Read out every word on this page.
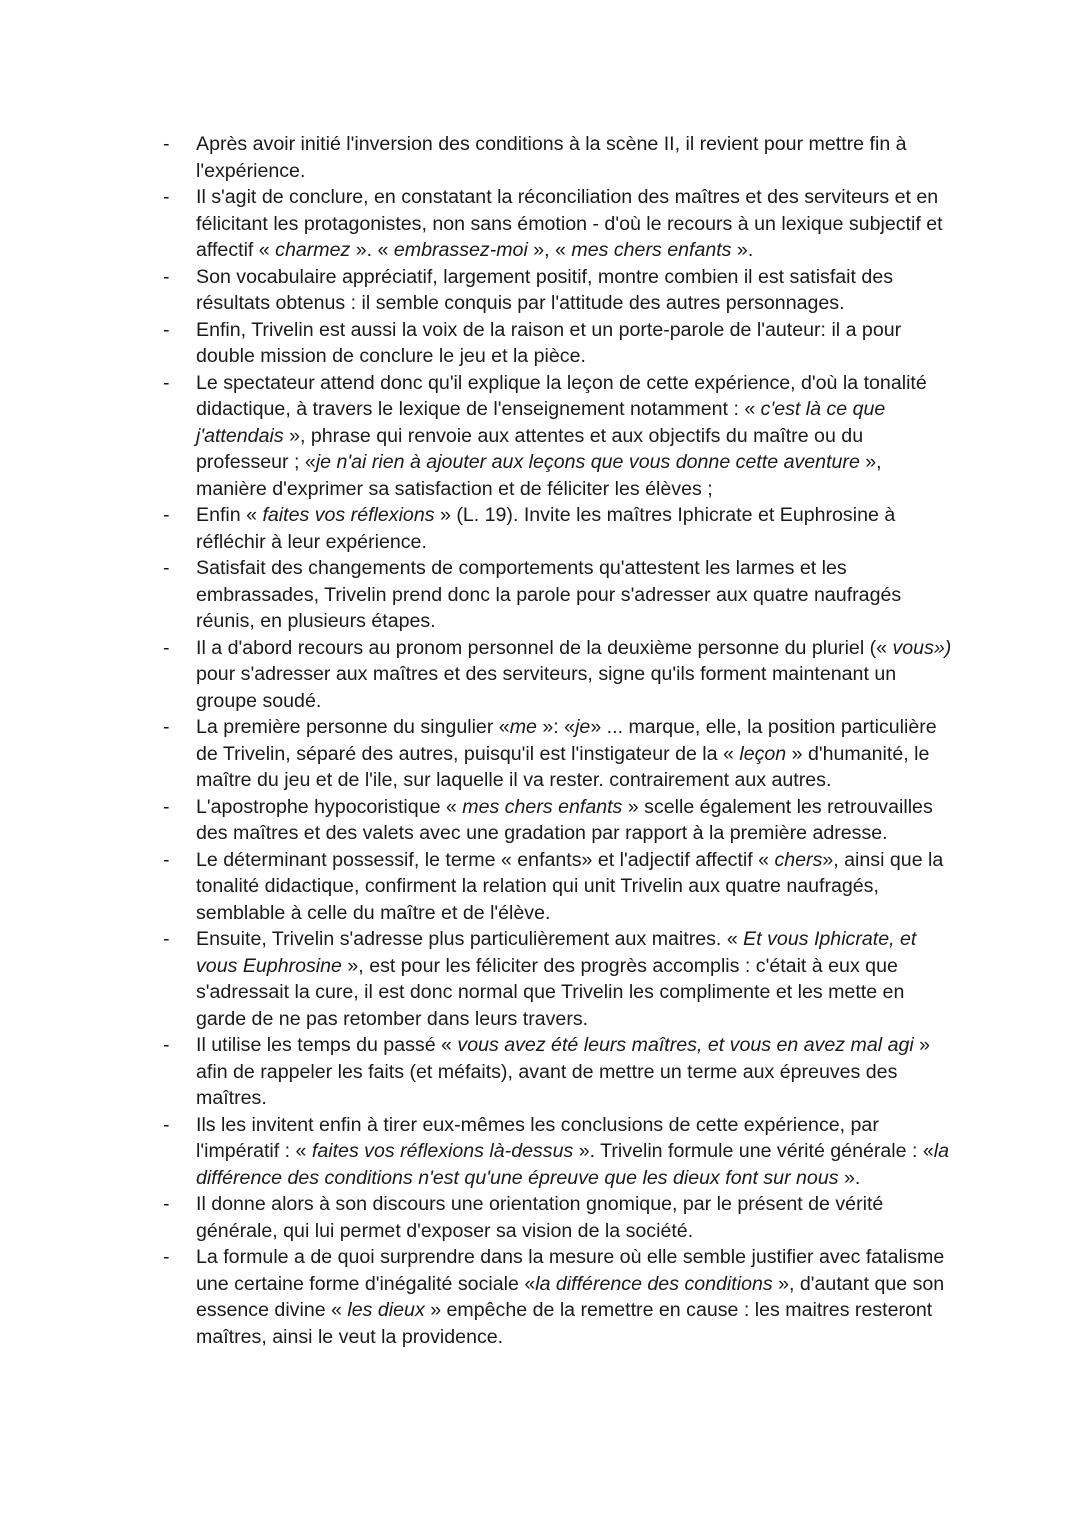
-	Après avoir initié l'inversion des conditions à la scène II, il revient pour mettre fin à l'expérience.
-	Il s'agit de conclure, en constatant la réconciliation des maîtres et des serviteurs et en félicitant les protagonistes, non sans émotion - d'où le recours à un lexique subjectif et affectif « charmez ». « embrassez-moi », « mes chers enfants ».
-	Son vocabulaire appréciatif, largement positif, montre combien il est satisfait des résultats obtenus : il semble conquis par l'attitude des autres personnages.
-	Enfin, Trivelin est aussi la voix de la raison et un porte-parole de l'auteur: il a pour double mission de conclure le jeu et la pièce.
-	Le spectateur attend donc qu'il explique la leçon de cette expérience, d'où la tonalité didactique, à travers le lexique de l'enseignement notamment : « c'est là ce que j'attendais », phrase qui renvoie aux attentes et aux objectifs du maître ou du professeur ; «je n'ai rien à ajouter aux leçons que vous donne cette aventure », manière d'exprimer sa satisfaction et de féliciter les élèves ;
-	Enfin « faites vos réflexions » (L. 19). Invite les maîtres Iphicrate et Euphrosine à réfléchir à leur expérience.
-	Satisfait des changements de comportements qu'attestent les larmes et les embrassades, Trivelin prend donc la parole pour s'adresser aux quatre naufragés réunis, en plusieurs étapes.
-	Il a d'abord recours au pronom personnel de la deuxième personne du pluriel (« vous») pour s'adresser aux maîtres et des serviteurs, signe qu'ils forment maintenant un groupe soudé.
-	La première personne du singulier «me »: «je» ... marque, elle, la position particulière de Trivelin, séparé des autres, puisqu'il est l'instigateur de la « leçon » d'humanité, le maître du jeu et de l'ile, sur laquelle il va rester. contrairement aux autres.
-	L'apostrophe hypocoristique « mes chers enfants » scelle également les retrouvailles des maîtres et des valets avec une gradation par rapport à la première adresse.
-	Le déterminant possessif, le terme « enfants» et l'adjectif affectif « chers», ainsi que la tonalité didactique, confirment la relation qui unit Trivelin aux quatre naufragés, semblable à celle du maître et de l'élève.
-	Ensuite, Trivelin s'adresse plus particulièrement aux maitres. « Et vous Iphicrate, et vous Euphrosine », est pour les féliciter des progrès accomplis : c'était à eux que s'adressait la cure, il est donc normal que Trivelin les complimente et les mette en garde de ne pas retomber dans leurs travers.
-	Il utilise les temps du passé « vous avez été leurs maîtres, et vous en avez mal agi » afin de rappeler les faits (et méfaits), avant de mettre un terme aux épreuves des maîtres.
-	Ils les invitent enfin à tirer eux-mêmes les conclusions de cette expérience, par l'impératif : « faites vos réflexions là-dessus ». Trivelin formule une vérité générale : «la différence des conditions n'est qu'une épreuve que les dieux font sur nous ».
-	Il donne alors à son discours une orientation gnomique, par le présent de vérité générale, qui lui permet d'exposer sa vision de la société.
-	La formule a de quoi surprendre dans la mesure où elle semble justifier avec fatalisme une certaine forme d'inégalité sociale «la différence des conditions », d'autant que son essence divine « les dieux » empêche de la remettre en cause : les maitres resteront maîtres, ainsi le veut la providence.
